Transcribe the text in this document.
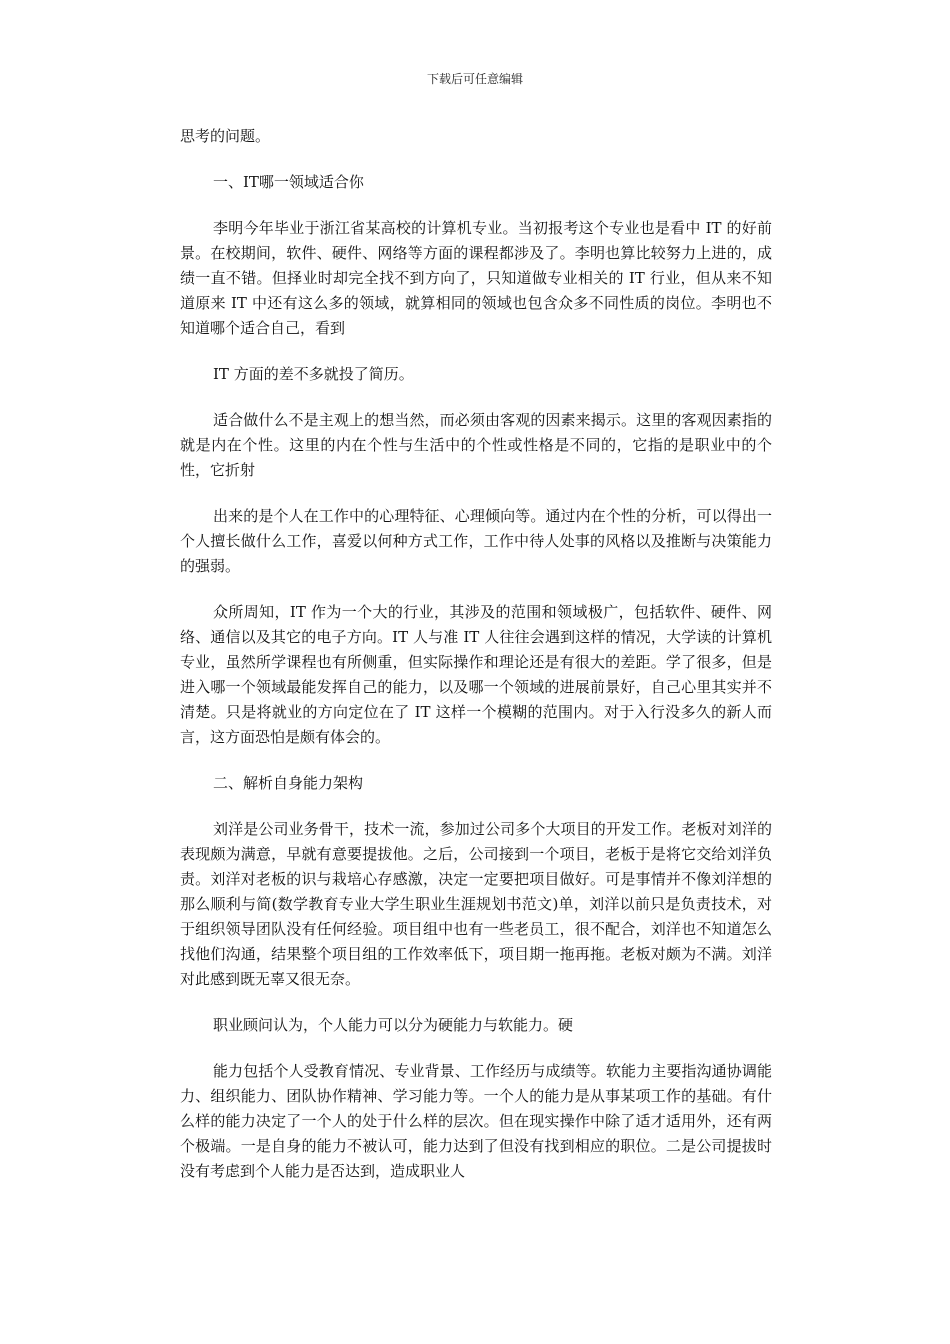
下载后可任意编辑

思考的问题。

一、IT哪一领域适合你

李明今年毕业于浙江省某高校的计算机专业。当初报考这个专业也是看中 IT 的好前景。在校期间，软件、硬件、网络等方面的课程都涉及了。李明也算比较努力上进的，成绩一直不错。但择业时却完全找不到方向了，只知道做专业相关的 IT 行业，但从来不知道原来 IT 中还有这么多的领域，就算相同的领域也包含众多不同性质的岗位。李明也不知道哪个适合自己，看到

IT 方面的差不多就投了简历。

适合做什么不是主观上的想当然，而必须由客观的因素来揭示。这里的客观因素指的就是内在个性。这里的内在个性与生活中的个性或性格是不同的，它指的是职业中的个性，它折射

出来的是个人在工作中的心理特征、心理倾向等。通过内在个性的分析，可以得出一个人擅长做什么工作，喜爱以何种方式工作，工作中待人处事的风格以及推断与决策能力的强弱。

众所周知，IT 作为一个大的行业，其涉及的范围和领域极广，包括软件、硬件、网络、通信以及其它的电子方向。IT 人与准 IT 人往往会遇到这样的情况，大学读的计算机专业，虽然所学课程也有所侧重，但实际操作和理论还是有很大的差距。学了很多，但是进入哪一个领域最能发挥自己的能力，以及哪一个领域的进展前景好，自己心里其实并不清楚。只是将就业的方向定位在了 IT 这样一个模糊的范围内。对于入行没多久的新人而言，这方面恐怕是颇有体会的。

二、解析自身能力架构

刘洋是公司业务骨干，技术一流，参加过公司多个大项目的开发工作。老板对刘洋的表现颇为满意，早就有意要提拔他。之后，公司接到一个项目，老板于是将它交给刘洋负责。刘洋对老板的识与栽培心存感激，决定一定要把项目做好。可是事情并不像刘洋想的那么顺利与简(数学教育专业大学生职业生涯规划书范文)单，刘洋以前只是负责技术，对于组织领导团队没有任何经验。项目组中也有一些老员工，很不配合，刘洋也不知道怎么找他们沟通，结果整个项目组的工作效率低下，项目期一拖再拖。老板对颇为不满。刘洋对此感到既无辜又很无奈。

职业顾问认为，个人能力可以分为硬能力与软能力。硬

能力包括个人受教育情况、专业背景、工作经历与成绩等。软能力主要指沟通协调能力、组织能力、团队协作精神、学习能力等。一个人的能力是从事某项工作的基础。有什么样的能力决定了一个人的处于什么样的层次。但在现实操作中除了适才适用外，还有两个极端。一是自身的能力不被认可，能力达到了但没有找到相应的职位。二是公司提拔时没有考虑到个人能力是否达到，造成职业人
